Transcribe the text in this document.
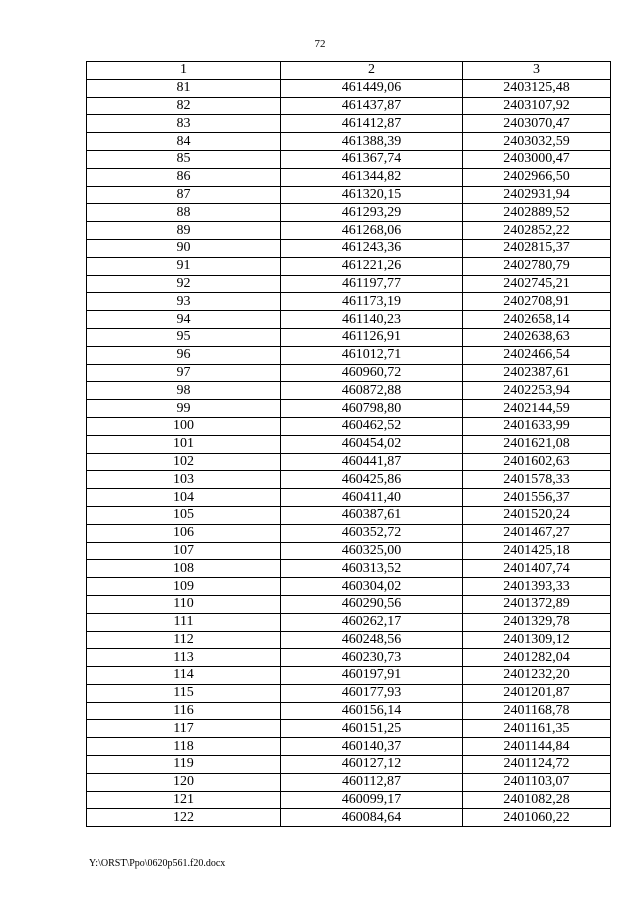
72
1	2	3
81	461449,06	2403125,48
82	461437,87	2403107,92
83	461412,87	2403070,47
84	461388,39	2403032,59
85	461367,74	2403000,47
86	461344,82	2402966,50
87	461320,15	2402931,94
88	461293,29	2402889,52
89	461268,06	2402852,22
90	461243,36	2402815,37
91	461221,26	2402780,79
92	461197,77	2402745,21
93	461173,19	2402708,91
94	461140,23	2402658,14
95	461126,91	2402638,63
96	461012,71	2402466,54
97	460960,72	2402387,61
98	460872,88	2402253,94
99	460798,80	2402144,59
100	460462,52	2401633,99
101	460454,02	2401621,08
102	460441,87	2401602,63
103	460425,86	2401578,33
104	460411,40	2401556,37
105	460387,61	2401520,24
106	460352,72	2401467,27
107	460325,00	2401425,18
108	460313,52	2401407,74
109	460304,02	2401393,33
110	460290,56	2401372,89
111	460262,17	2401329,78
112	460248,56	2401309,12
113	460230,73	2401282,04
114	460197,91	2401232,20
115	460177,93	2401201,87
116	460156,14	2401168,78
117	460151,25	2401161,35
118	460140,37	2401144,84
119	460127,12	2401124,72
120	460112,87	2401103,07
121	460099,17	2401082,28
122	460084,64	2401060,22
Y:\ORST\Ppo\0620p561.f20.docx
